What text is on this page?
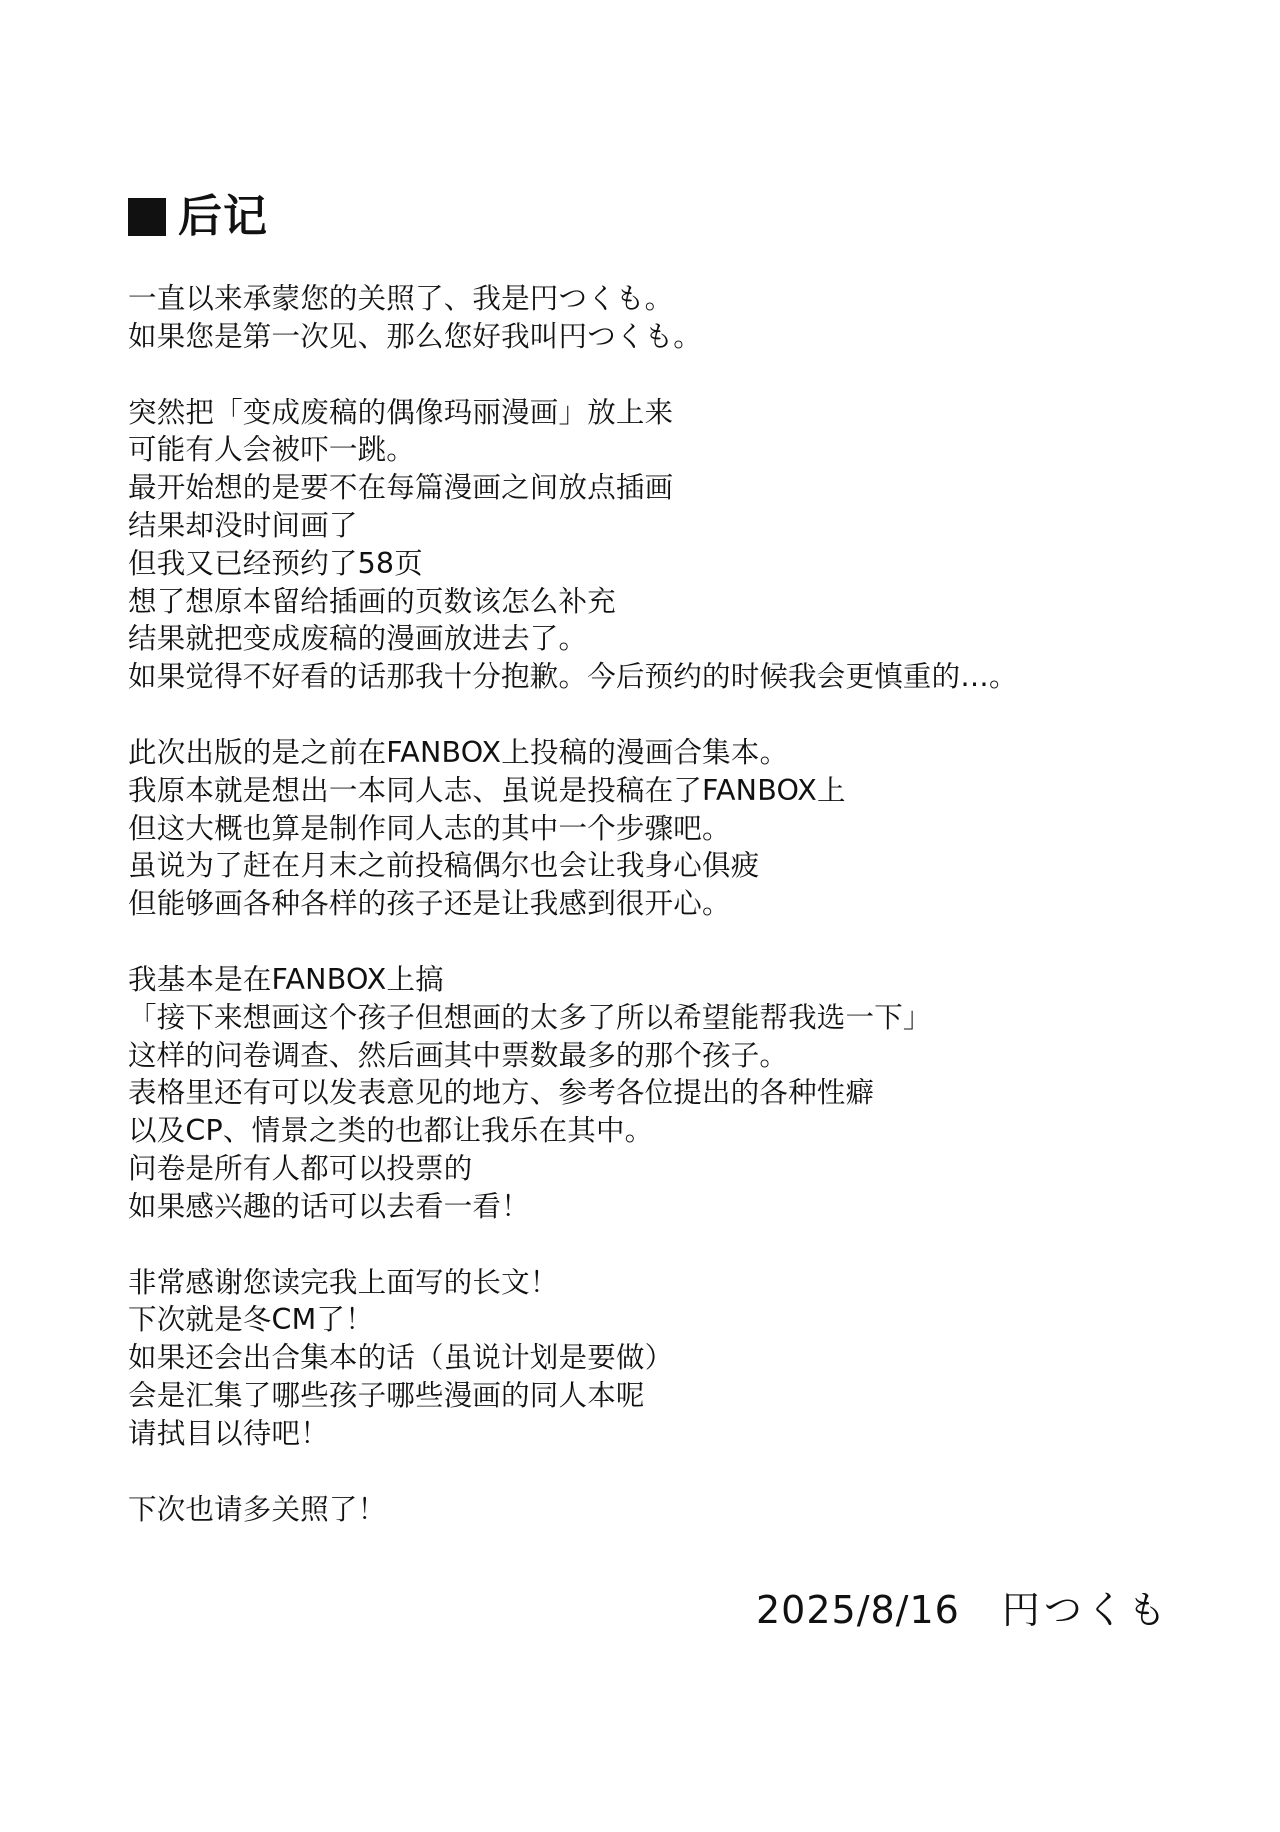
后记
一直以来承蒙您的关照了、我是円つくも。
如果您是第一次见、那么您好我叫円つくも。
突然把「变成废稿的偶像玛丽漫画」放上来
可能有人会被吓一跳。
最开始想的是要不在每篇漫画之间放点插画
结果却没时间画了
但我又已经预约了58页
想了想原本留给插画的页数该怎么补充
结果就把变成废稿的漫画放进去了。
如果觉得不好看的话那我十分抱歉。今后预约的时候我会更慎重的…。
此次出版的是之前在FANBOX上投稿的漫画合集本。
我原本就是想出一本同人志、虽说是投稿在了FANBOX上
但这大概也算是制作同人志的其中一个步骤吧。
虽说为了赶在月末之前投稿偶尔也会让我身心俱疲
但能够画各种各样的孩子还是让我感到很开心。
我基本是在FANBOX上搞
「接下来想画这个孩子但想画的太多了所以希望能帮我选一下」
这样的问卷调查、然后画其中票数最多的那个孩子。
表格里还有可以发表意见的地方、参考各位提出的各种性癖
以及CP、情景之类的也都让我乐在其中。
问卷是所有人都可以投票的
如果感兴趣的话可以去看一看！
非常感谢您读完我上面写的长文！
下次就是冬CM了！
如果还会出合集本的话（虽说计划是要做）
会是汇集了哪些孩子哪些漫画的同人本呢
请拭目以待吧！
下次也请多关照了！
2025/8/16 円つくも
